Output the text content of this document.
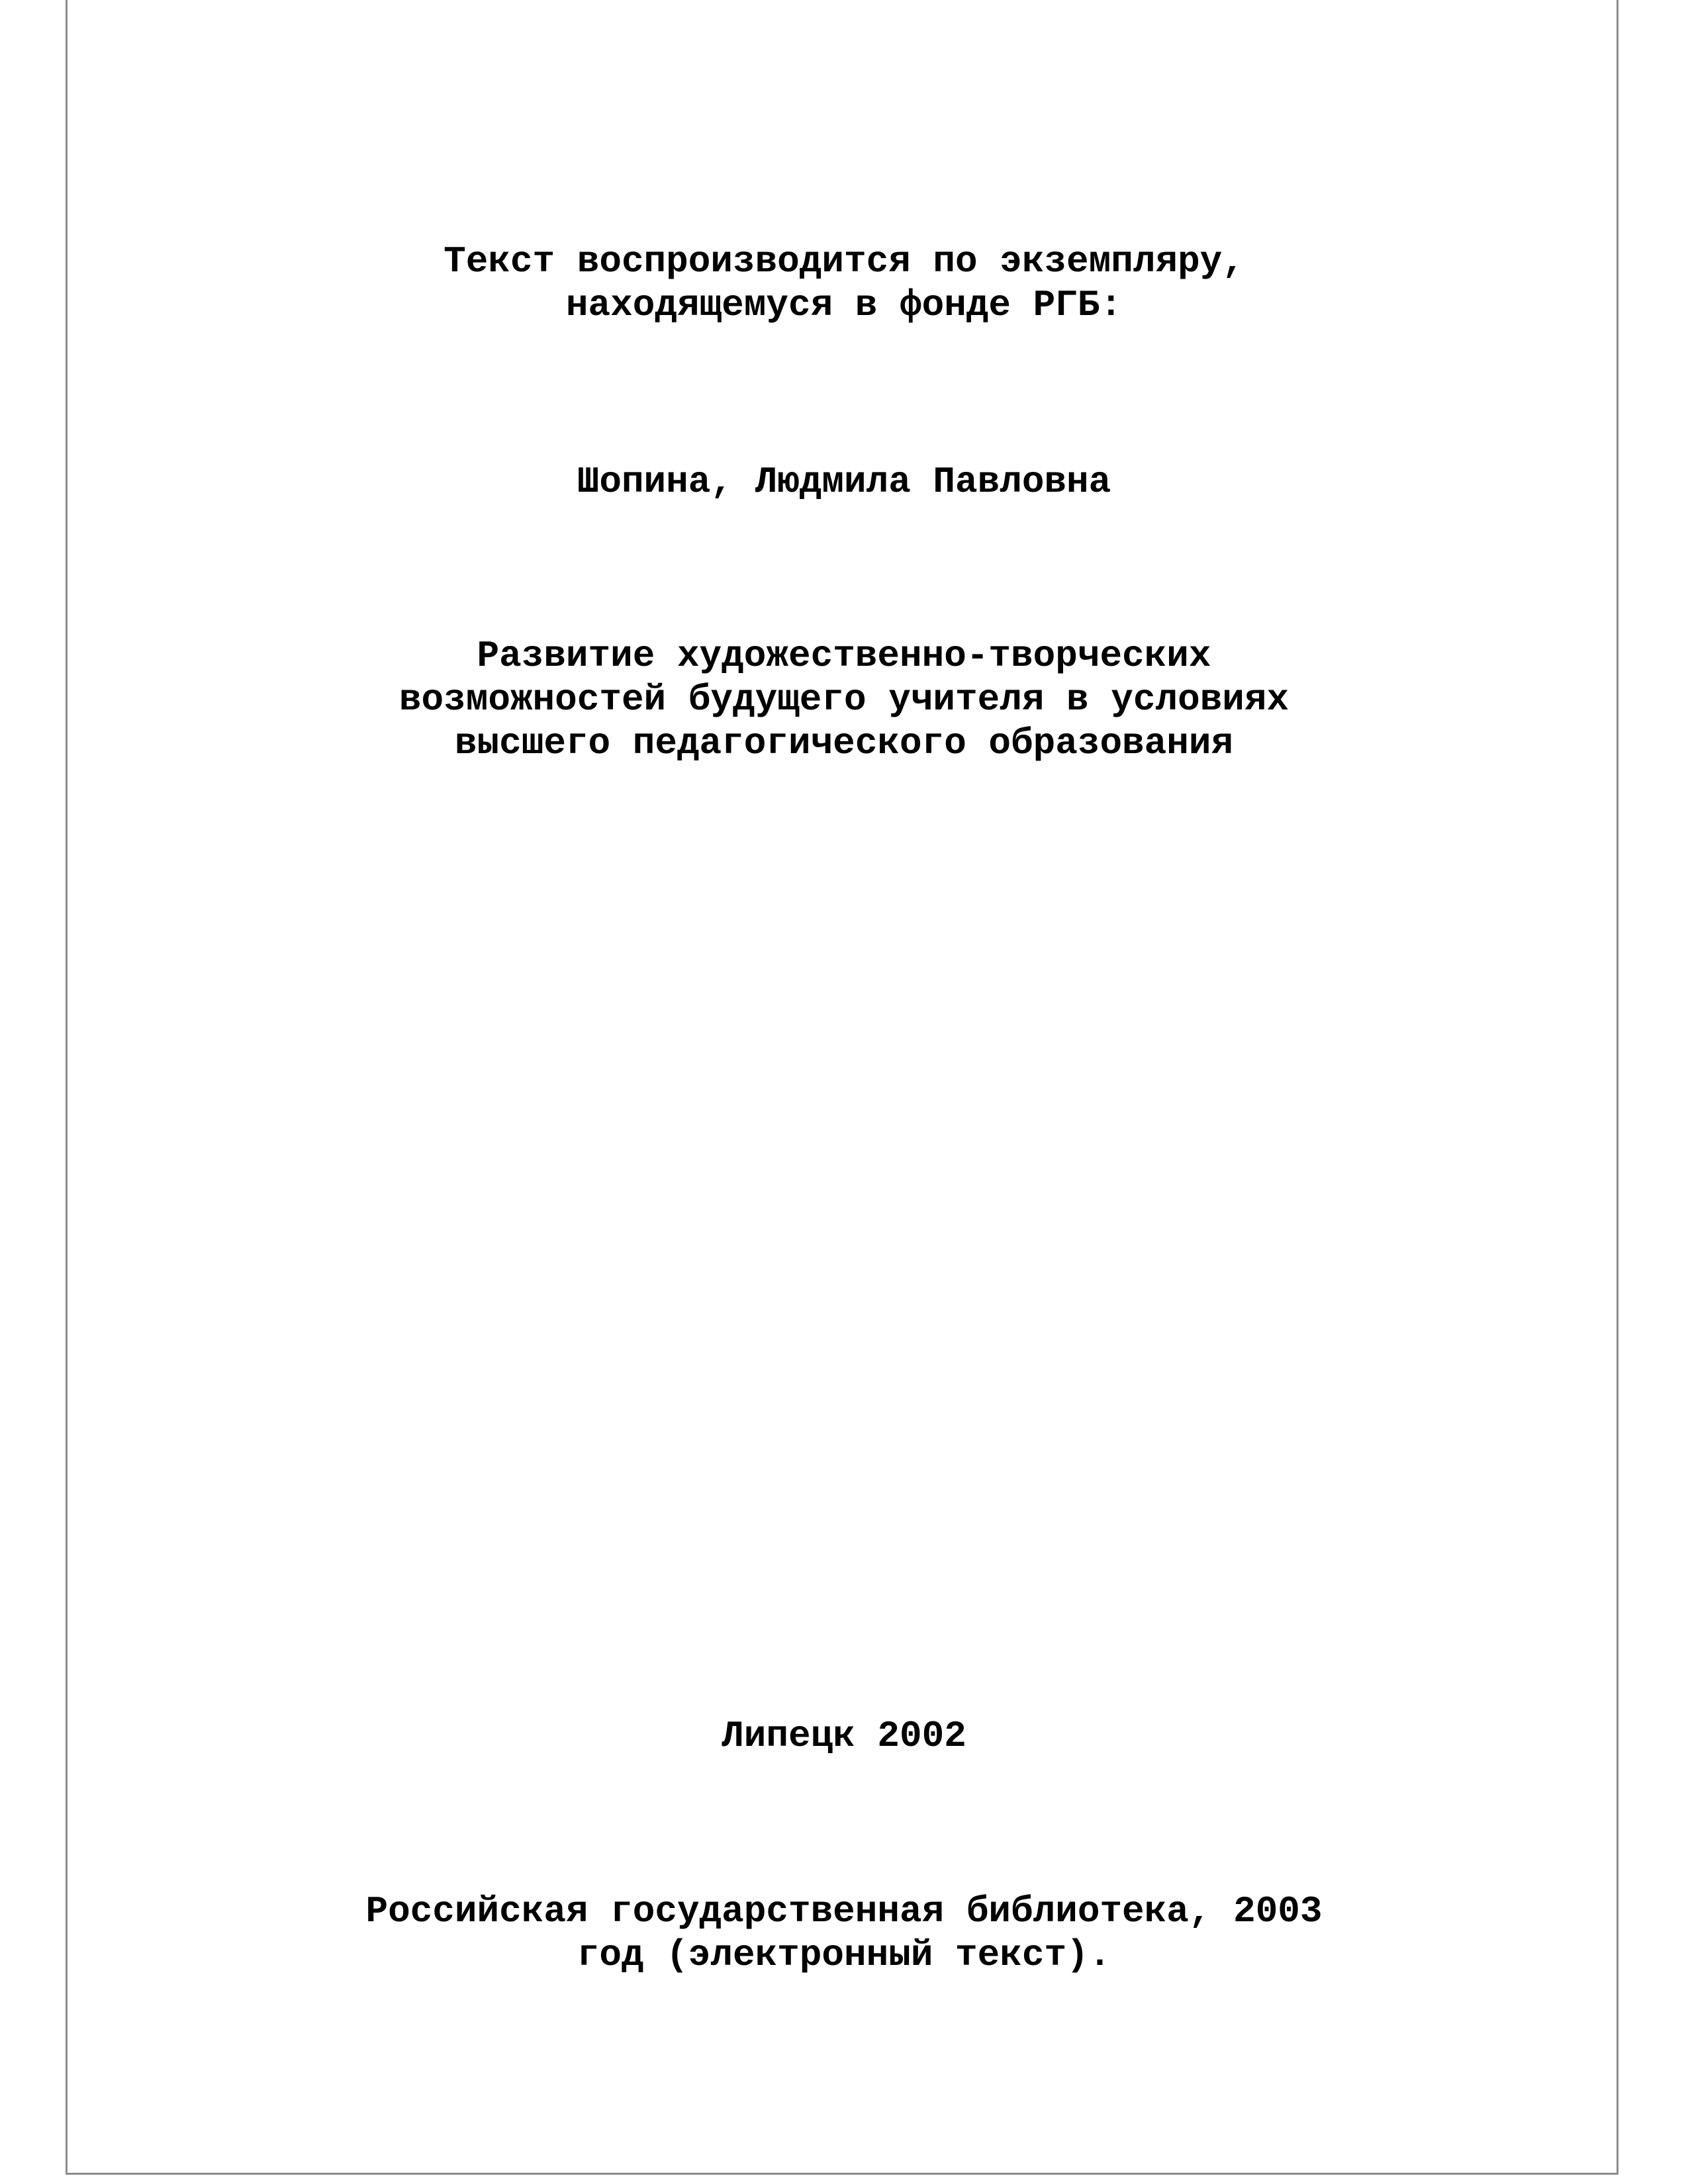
Текст воспроизводится по экземпляру,
находящемуся в фонде РГБ:
Шопина, Людмила Павловна
Развитие художественно-творческих
возможностей будущего учителя в условиях
высшего педагогического образования
Липецк 2002
Российская государственная библиотека, 2003
год (электронный текст).
